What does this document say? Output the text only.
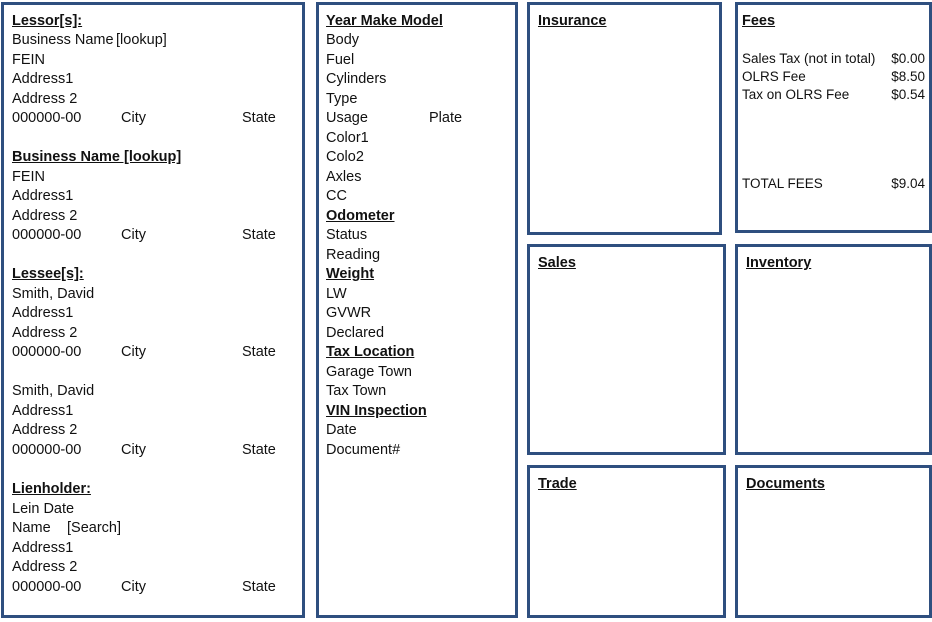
Lessor[s]:
Business Name [lookup]
FEIN
Address1
Address 2
000000-00	City	State
Business Name [lookup]
FEIN
Address1
Address 2
000000-00	City	State
Lessee[s]:
Smith, David
Address1
Address 2
000000-00	City	State
Smith, David
Address1
Address 2
000000-00	City	State
Lienholder:
Lein Date
Name [Search]
Address1
Address 2
000000-00	City	State
Year Make Model
Body
Fuel
Cylinders
Type
Usage	Plate
Color1
Colo2
Axles
CC
Odometer
Status
Reading
Weight
LW
GVWR
Declared
Tax Location
Garage Town
Tax Town
VIN Inspection
Date
Document#
Insurance	Fees
Sales Tax (not in total) $0.00
OLRS Fee	$8.50
Tax on OLRS Fee	$0.54
TOTAL FEES	$9.04
Sales	Inventory
Trade	Documents
